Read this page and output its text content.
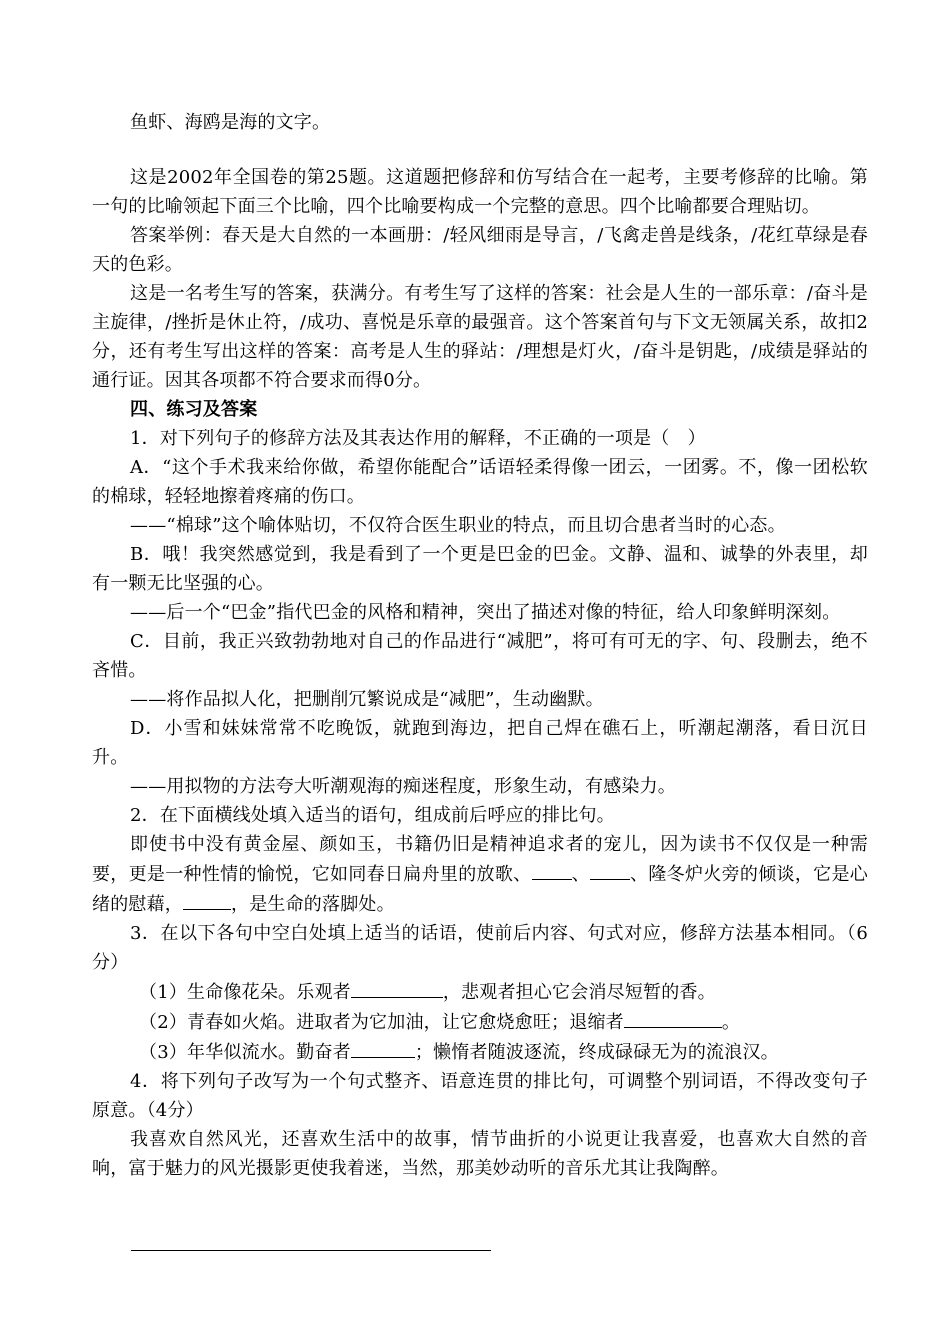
鱼虾、海鸥是海的文字。

这是2002年全国卷的第25题。这道题把修辞和仿写结合在一起考，主要考修辞的比喻。第一句的比喻领起下面三个比喻，四个比喻要构成一个完整的意思。四个比喻都要合理贴切。

答案举例：春天是大自然的一本画册：/轻风细雨是导言，/飞禽走兽是线条，/花红草绿是春天的色彩。

这是一名考生写的答案，获满分。有考生写了这样的答案：社会是人生的一部乐章：/奋斗是主旋律，/挫折是休止符，/成功、喜悦是乐章的最强音。这个答案首句与下文无领属关系，故扣2分，还有考生写出这样的答案：高考是人生的驿站：/理想是灯火，/奋斗是钥匙，/成绩是驿站的通行证。因其各项都不符合要求而得0分。

四、练习及答案

1．对下列句子的修辞方法及其表达作用的解释，不正确的一项是（　）

A．“这个手术我来给你做，希望你能配合”话语轻柔得像一团云，一团雾。不，像一团松软的棉球，轻轻地擦着疼痛的伤口。

——“棉球”这个喻体贴切，不仅符合医生职业的特点，而且切合患者当时的心态。

B．哦！我突然感觉到，我是看到了一个更是巴金的巴金。文静、温和、诚挚的外表里，却有一颗无比坚强的心。

——后一个“巴金”指代巴金的风格和精神，突出了描述对像的特征，给人印象鲜明深刻。

C．目前，我正兴致勃勃地对自己的作品进行“减肥”，将可有可无的字、句、段删去，绝不吝惜。

——将作品拟人化，把删削冗繁说成是“减肥”，生动幽默。

D．小雪和妹妹常常不吃晚饭，就跑到海边，把自己焊在礁石上，听潮起潮落，看日沉日升。

——用拟物的方法夸大听潮观海的痴迷程度，形象生动，有感染力。

2．在下面横线处填入适当的语句，组成前后呼应的排比句。

即使书中没有黄金屋、颜如玉，书籍仍旧是精神追求者的宠儿，因为读书不仅仅是一种需要，更是一种性情的愉悦，它如同春日扁舟里的放歌、 、 、隆冬炉火旁的倾谈，它是心绪的慰藉，	，是生命的落脚处。

3．在以下各句中空白处填上适当的话语，使前后内容、句式对应，修辞方法基本相同。（6分）

（1）生命像花朵。乐观者	，悲观者担心它会消尽短暂的香。

（2）青春如火焰。进取者为它加油，让它愈烧愈旺；退缩者	。

（3）年华似流水。勤奋者	；懒惰者随波逐流，终成碌碌无为的流浪汉。

4．将下列句子改写为一个句式整齐、语意连贯的排比句，可调整个别词语，不得改变句子原意。（4分）

我喜欢自然风光，还喜欢生活中的故事，情节曲折的小说更让我喜爱，也喜欢大自然的音响，富于魅力的风光摄影更使我着迷，当然，那美妙动听的音乐尤其让我陶醉。
